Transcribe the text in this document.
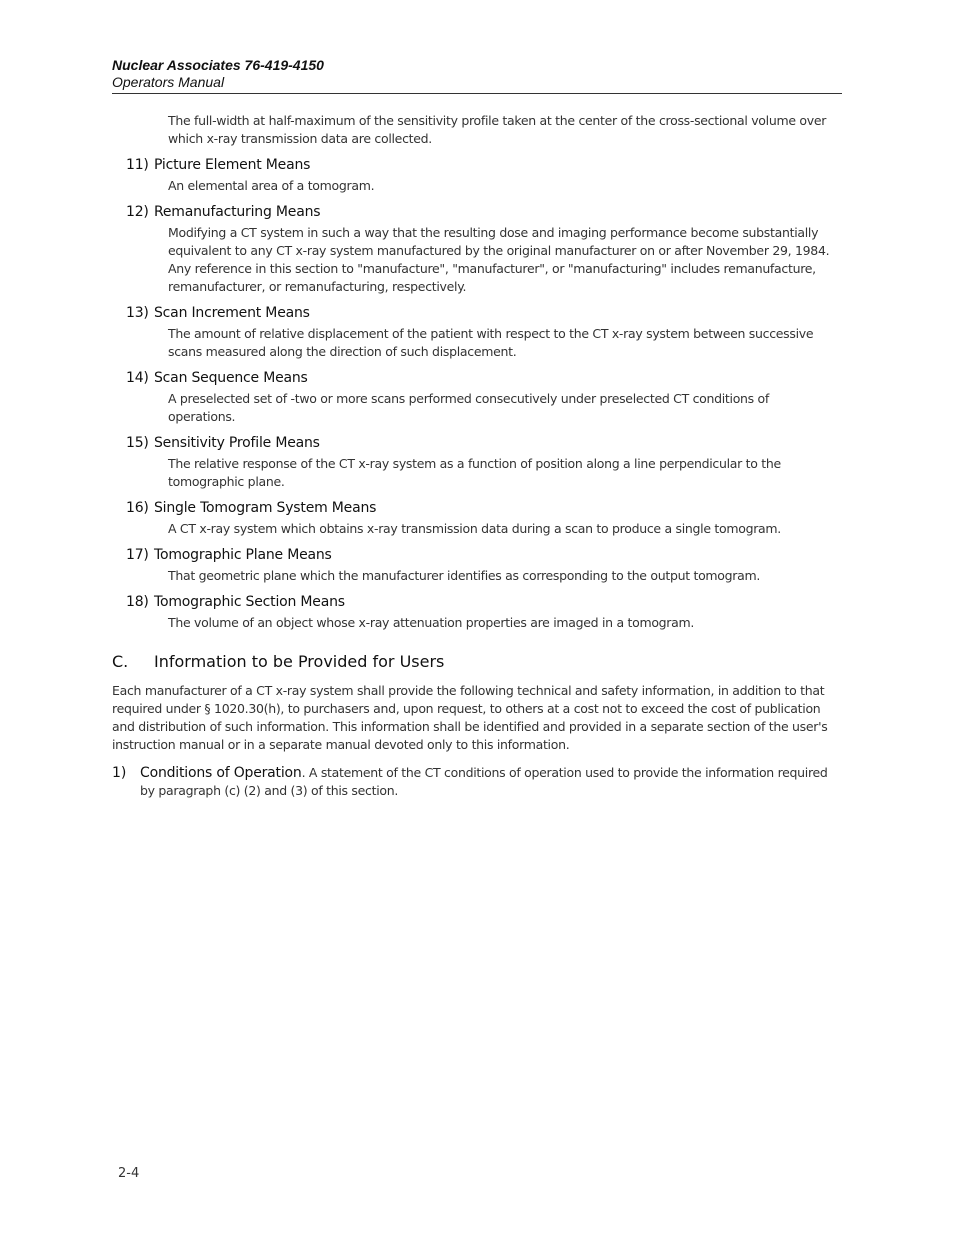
Nuclear Associates 76-419-4150
Operators Manual
The full-width at half-maximum of the sensitivity profile taken at the center of the cross-sectional volume over which x-ray transmission data are collected.
11) Picture Element Means
An elemental area of a tomogram.
12) Remanufacturing Means
Modifying a CT system in such a way that the resulting dose and imaging performance become substantially equivalent to any CT x-ray system manufactured by the original manufacturer on or after November 29, 1984. Any reference in this section to "manufacture", "manufacturer", or "manufacturing" includes remanufacture, remanufacturer, or remanufacturing, respectively.
13) Scan Increment Means
The amount of relative displacement of the patient with respect to the CT x-ray system between successive scans measured along the direction of such displacement.
14) Scan Sequence Means
A preselected set of -two or more scans performed consecutively under preselected CT conditions of operations.
15) Sensitivity Profile Means
The relative response of the CT x-ray system as a function of position along a line perpendicular to the tomographic plane.
16) Single Tomogram System Means
A CT x-ray system which obtains x-ray transmission data during a scan to produce a single tomogram.
17) Tomographic Plane Means
That geometric plane which the manufacturer identifies as corresponding to the output tomogram.
18) Tomographic Section Means
The volume of an object whose x-ray attenuation properties are imaged in a tomogram.
C.	Information to be Provided for Users
Each manufacturer of a CT x-ray system shall provide the following technical and safety information, in addition to that required under § 1020.30(h), to purchasers and, upon request, to others at a cost not to exceed the cost of publication and distribution of such information. This information shall be identified and provided in a separate section of the user's instruction manual or in a separate manual devoted only to this information.
1) Conditions of Operation. A statement of the CT conditions of operation used to provide the information required by paragraph (c) (2) and (3) of this section.
2-4
